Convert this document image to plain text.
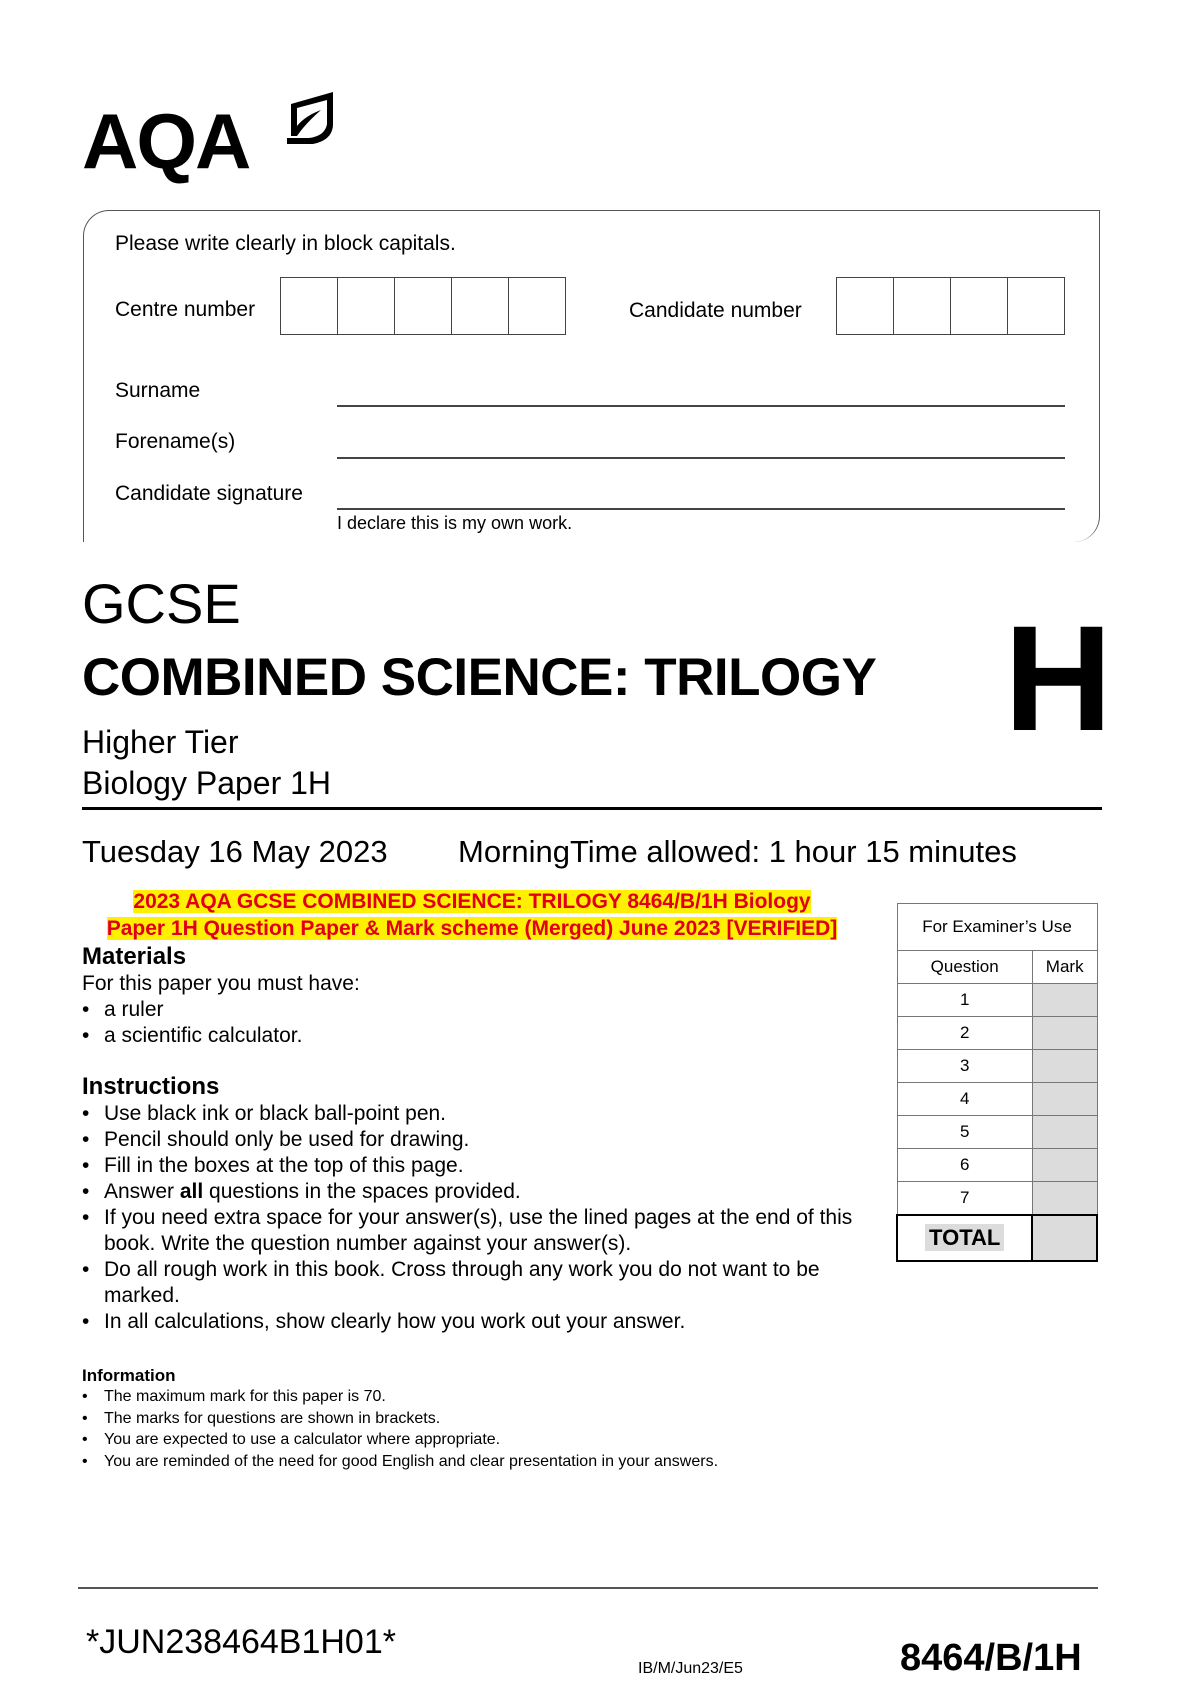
AQA
Please write clearly in block capitals.
Centre number	Candidate number
Surname
Forename(s)
Candidate signature
I declare this is my own work.
GCSE
COMBINED SCIENCE: TRILOGY H
Higher Tier
Biology Paper 1H
Tuesday 16 May 2023 MorningTime allowed: 1 hour 15 minutes
2023 AQA GCSE COMBINED SCIENCE: TRILOGY 8464/B/1H Biology
Paper 1H Question Paper & Mark scheme (Merged) June 2023 [VERIFIED]
Materials
For this paper you must have:
• a ruler
• a scientific calculator.
Instructions
• Use black ink or black ball-point pen.
• Pencil should only be used for drawing.
• Fill in the boxes at the top of this page.
• Answer all questions in the spaces provided.
• If you need extra space for your answer(s), use the lined pages at the end of this book. Write the question number against your answer(s).
• Do all rough work in this book. Cross through any work you do not want to be marked.
• In all calculations, show clearly how you work out your answer.
Information
• The maximum mark for this paper is 70.
• The marks for questions are shown in brackets.
• You are expected to use a calculator where appropriate.
• You are reminded of the need for good English and clear presentation in your answers.
For Examiner’s Use	
Question	Mark
1	
2	
3	
4	
5	
6	
7	
TOTAL	
*JUN238464B1H01*
IB/M/Jun23/E5	8464/B/1H
